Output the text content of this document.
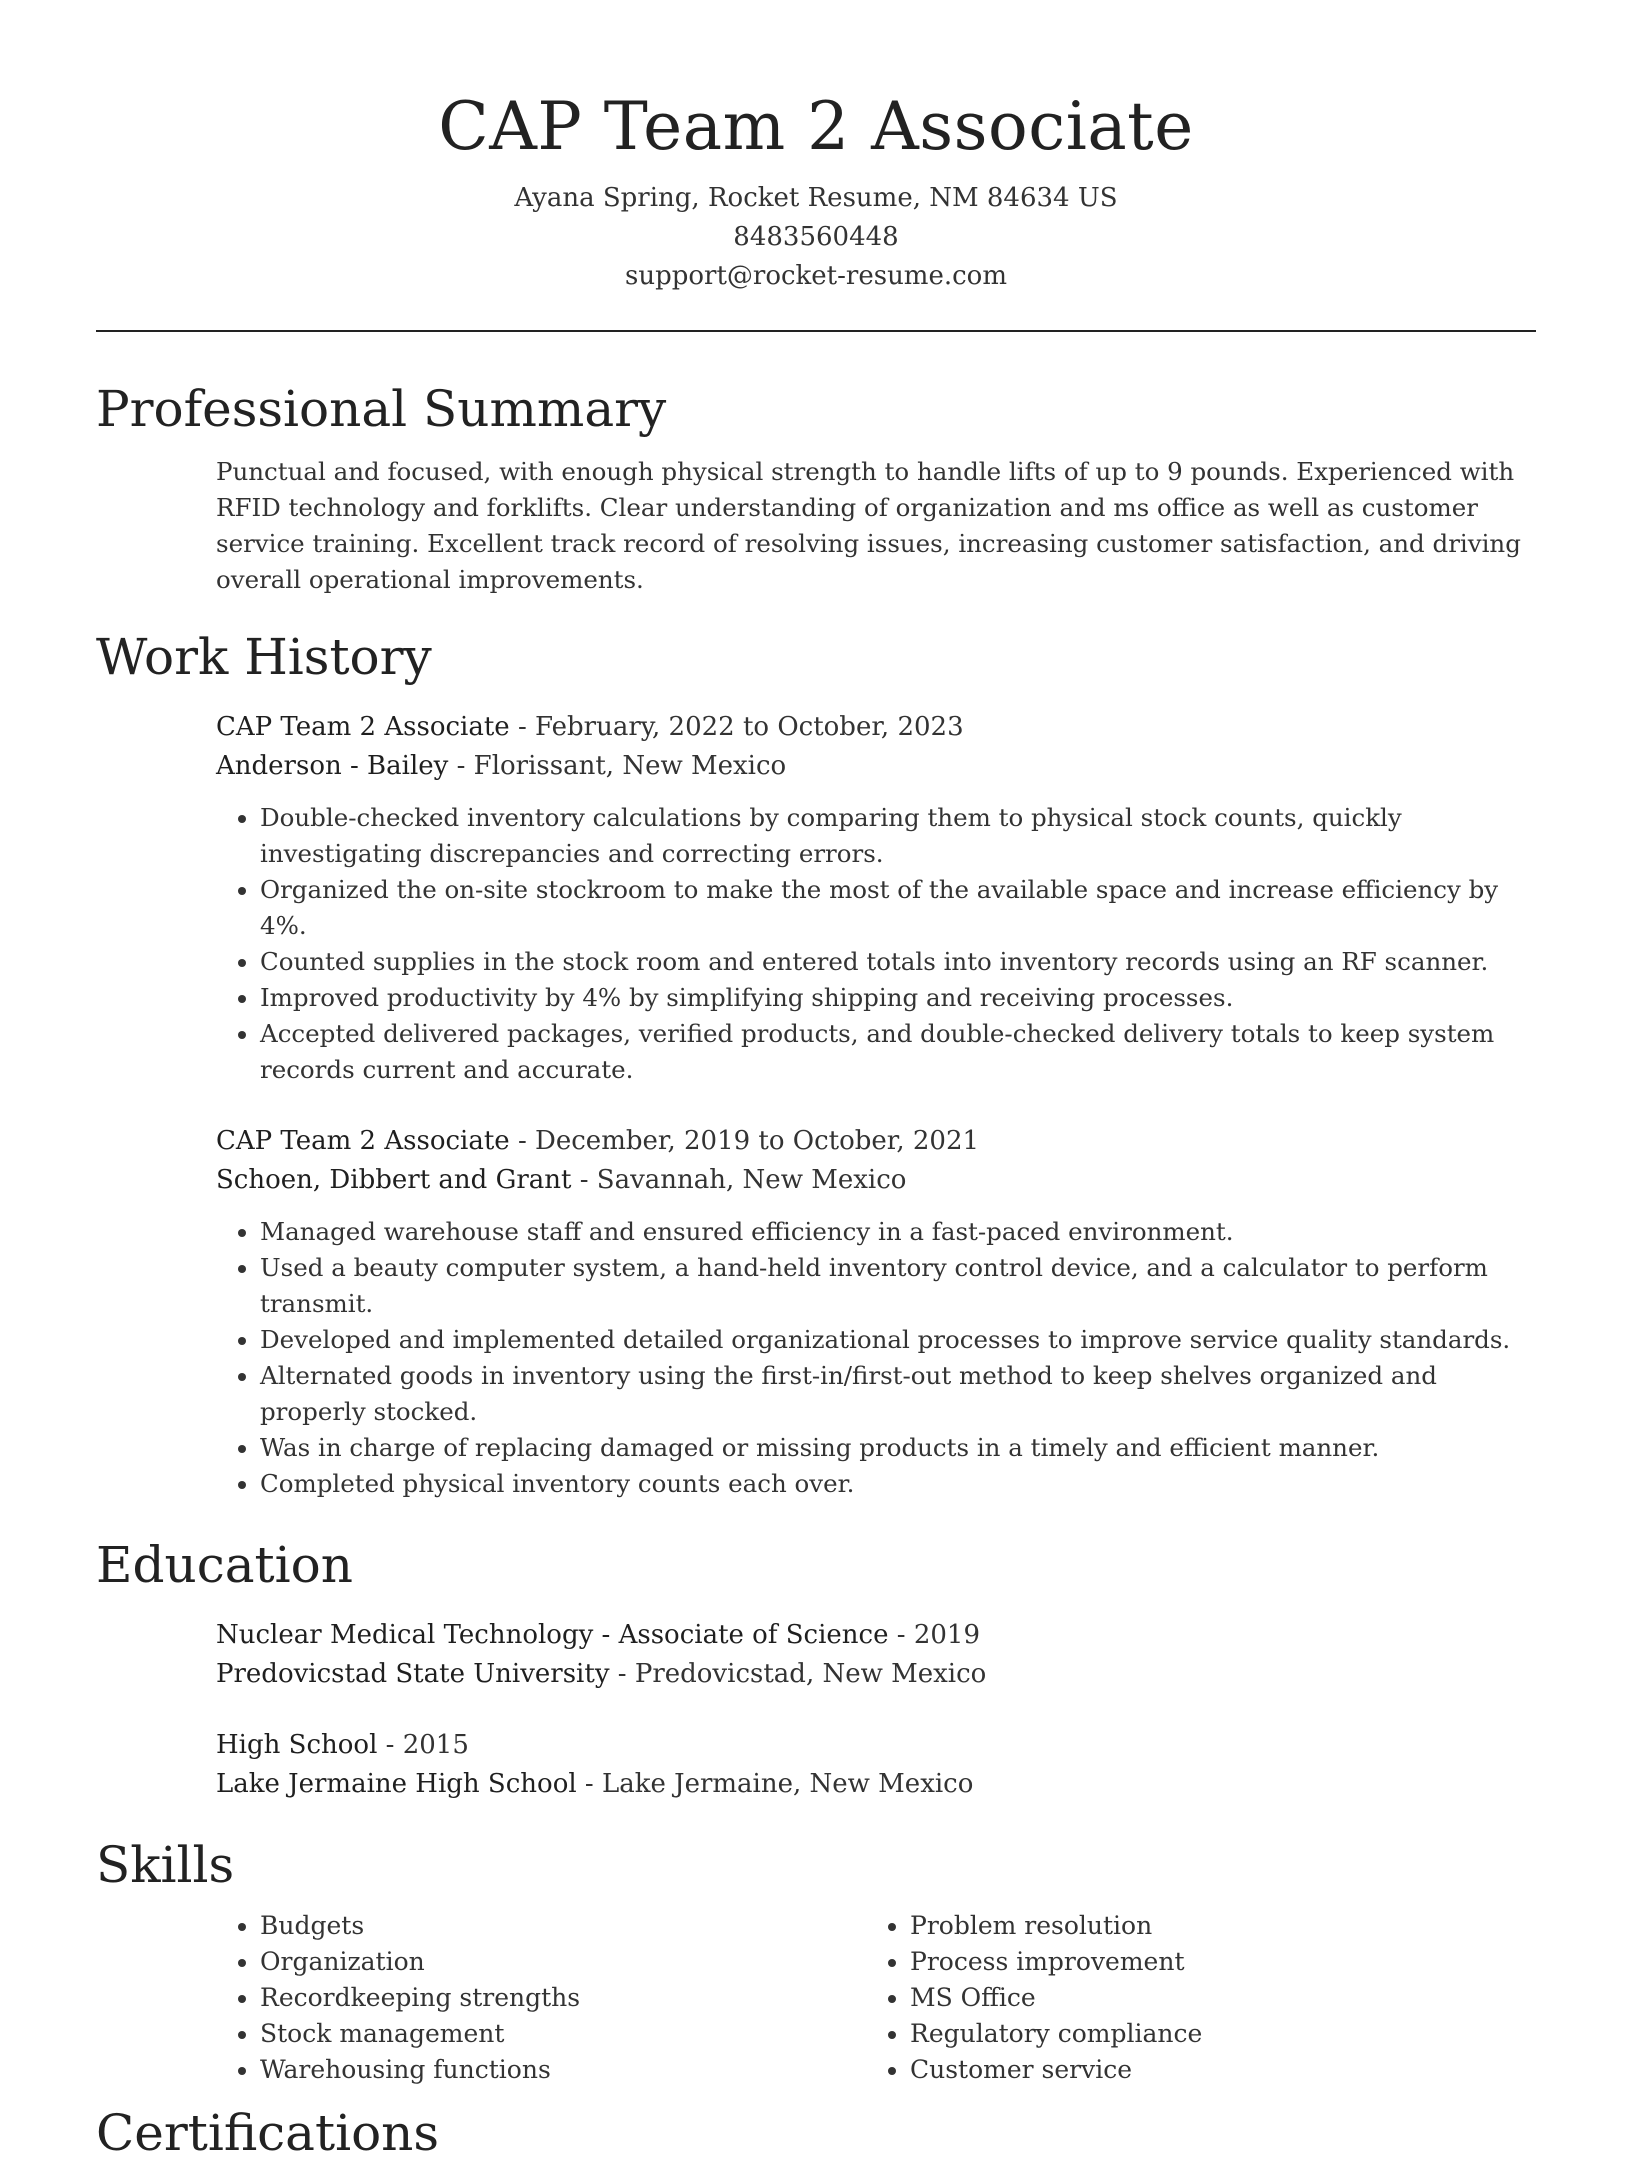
CAP Team 2 Associate
Ayana Spring, Rocket Resume, NM 84634 US
8483560448
support@rocket-resume.com
Professional Summary
Punctual and focused, with enough physical strength to handle lifts of up to 9 pounds. Experienced with RFID technology and forklifts. Clear understanding of organization and ms office as well as customer service training. Excellent track record of resolving issues, increasing customer satisfaction, and driving overall operational improvements.
Work History
CAP Team 2 Associate - February, 2022 to October, 2023
Anderson - Bailey - Florissant, New Mexico
• Double-checked inventory calculations by comparing them to physical stock counts, quickly investigating discrepancies and correcting errors.
• Organized the on-site stockroom to make the most of the available space and increase efficiency by 4%.
• Counted supplies in the stock room and entered totals into inventory records using an RF scanner.
• Improved productivity by 4% by simplifying shipping and receiving processes.
• Accepted delivered packages, verified products, and double-checked delivery totals to keep system records current and accurate.
CAP Team 2 Associate - December, 2019 to October, 2021
Schoen, Dibbert and Grant - Savannah, New Mexico
• Managed warehouse staff and ensured efficiency in a fast-paced environment.
• Used a beauty computer system, a hand-held inventory control device, and a calculator to perform transmit.
• Developed and implemented detailed organizational processes to improve service quality standards.
• Alternated goods in inventory using the first-in/first-out method to keep shelves organized and properly stocked.
• Was in charge of replacing damaged or missing products in a timely and efficient manner.
• Completed physical inventory counts each over.
Education
Nuclear Medical Technology - Associate of Science - 2019
Predovicstad State University - Predovicstad, New Mexico
High School - 2015
Lake Jermaine High School - Lake Jermaine, New Mexico
Skills
• Budgets
• Organization
• Recordkeeping strengths
• Stock management
• Warehousing functions
• Problem resolution
• Process improvement
• MS Office
• Regulatory compliance
• Customer service
Certifications
